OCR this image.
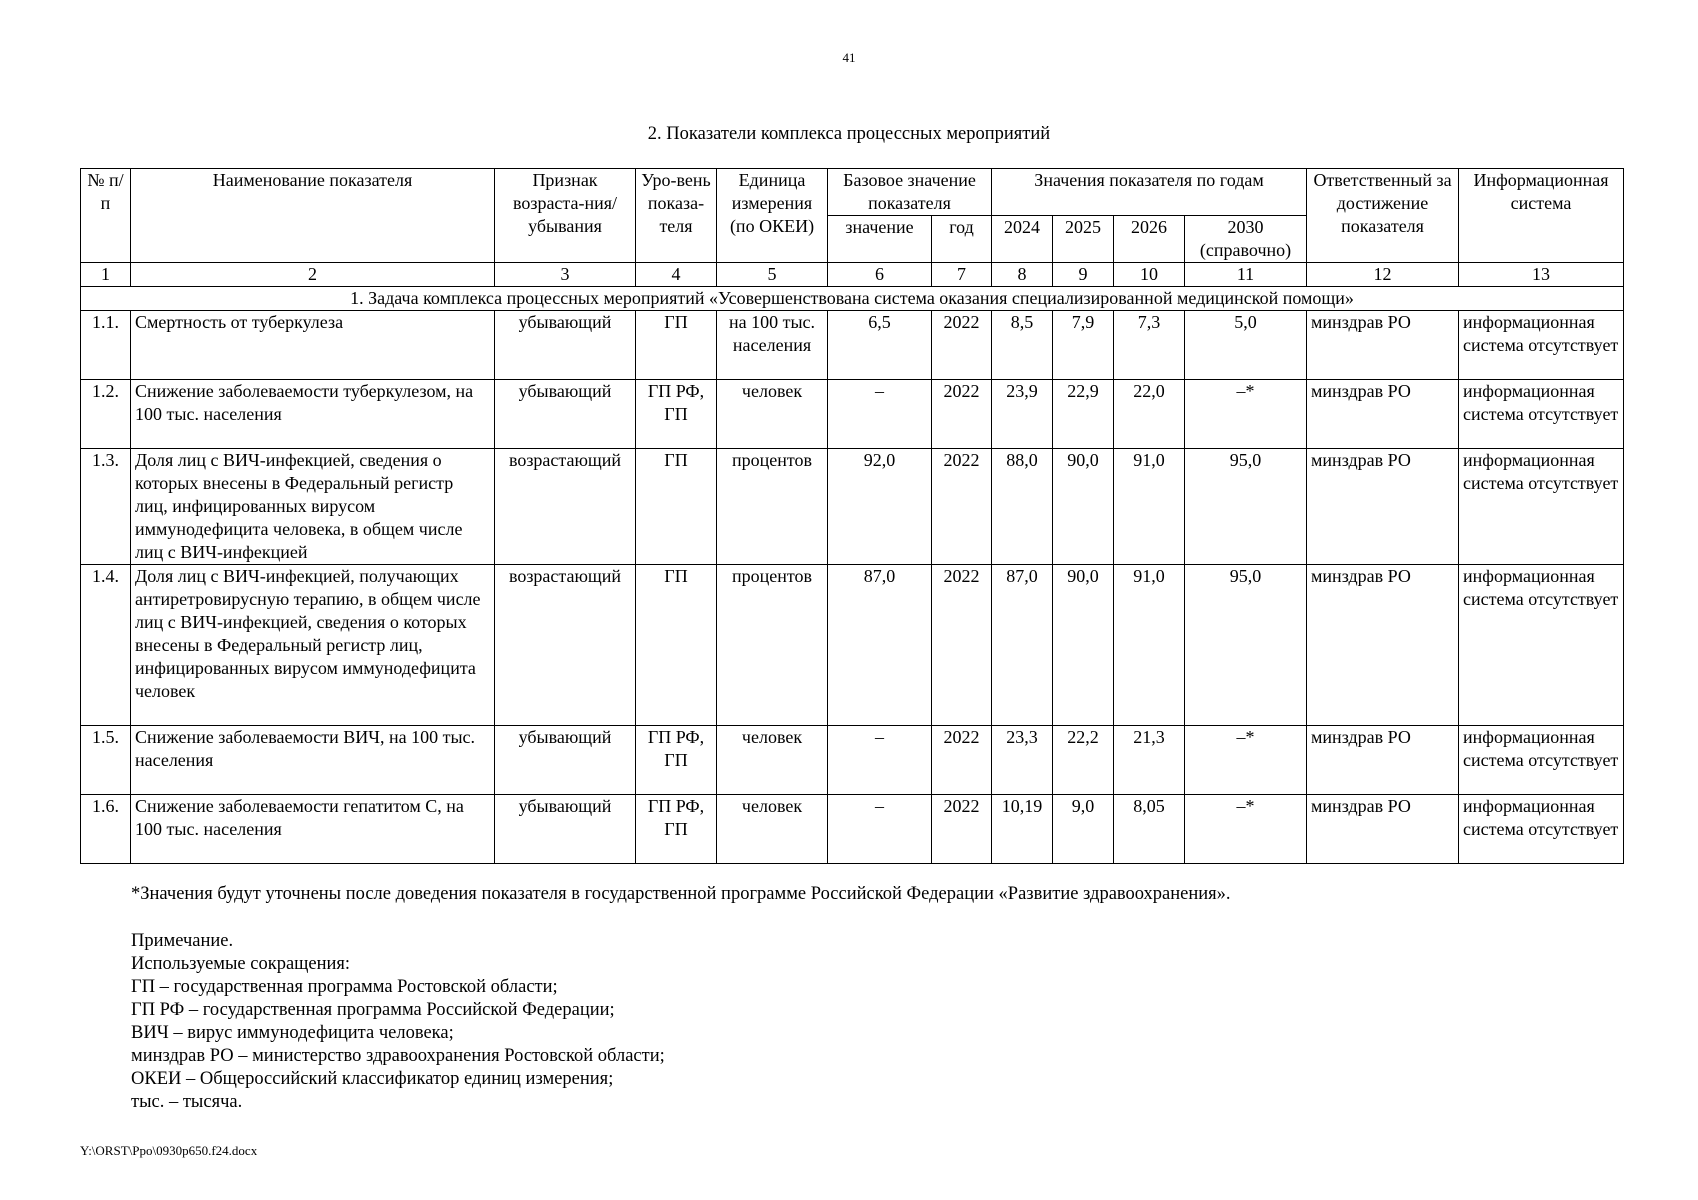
41
2. Показатели комплекса процессных мероприятий
№ п/п	Наименование показателя	Признак возраста-ния/убывания	Уро-вень показа-теля	Единица измерения (по ОКЕИ)	Базовое значение показателя		Значения показателя по годам				Ответственный за достижение показателя	Информационная система
					значение	год	2024	2025	2026	2030 (справочно)		
1	2	3	4	5	6	7	8	9	10	11	12	13
1. Задача комплекса процессных мероприятий «Усовершенствована система оказания специализированной медицинской помощи»												
1.1.	Смертность от туберкулеза	убывающий	ГП	на 100 тыс. населения	6,5	2022	8,5	7,9	7,3	5,0	минздрав РО	информационная система отсутствует
1.2.	Снижение заболеваемости туберкулезом, на 100 тыс. населения	убывающий	ГП РФ, ГП	человек	–	2022	23,9	22,9	22,0	–*	минздрав РО	информационная система отсутствует
1.3.	Доля лиц с ВИЧ-инфекцией, сведения о которых внесены в Федеральный регистр лиц, инфицированных вирусом иммунодефицита человека, в общем числе лиц с ВИЧ-инфекцией	возрастающий	ГП	процентов	92,0	2022	88,0	90,0	91,0	95,0	минздрав РО	информационная система отсутствует
1.4.	Доля лиц с ВИЧ-инфекцией, получающих антиретровирусную терапию, в общем числе лиц с ВИЧ-инфекцией, сведения о которых внесены в Федеральный регистр лиц, инфицированных вирусом иммунодефицита человек	возрастающий	ГП	процентов	87,0	2022	87,0	90,0	91,0	95,0	минздрав РО	информационная система отсутствует
1.5.	Снижение заболеваемости ВИЧ, на 100 тыс. населения	убывающий	ГП РФ, ГП	человек	–	2022	23,3	22,2	21,3	–*	минздрав РО	информационная система отсутствует
1.6.	Снижение заболеваемости гепатитом С, на 100 тыс. населения	убывающий	ГП РФ, ГП	человек	–	2022	10,19	9,0	8,05	–*	минздрав РО	информационная система отсутствует
*Значения будут уточнены после доведения показателя в государственной программе Российской Федерации «Развитие здравоохранения».
Примечание.
Используемые сокращения:
ГП – государственная программа Ростовской области;
ГП РФ – государственная программа Российской Федерации;
ВИЧ – вирус иммунодефицита человека;
минздрав РО – министерство здравоохранения Ростовской области;
ОКЕИ – Общероссийский классификатор единиц измерения;
тыс. – тысяча.
Y:\ORST\Ppo\0930p650.f24.docx
